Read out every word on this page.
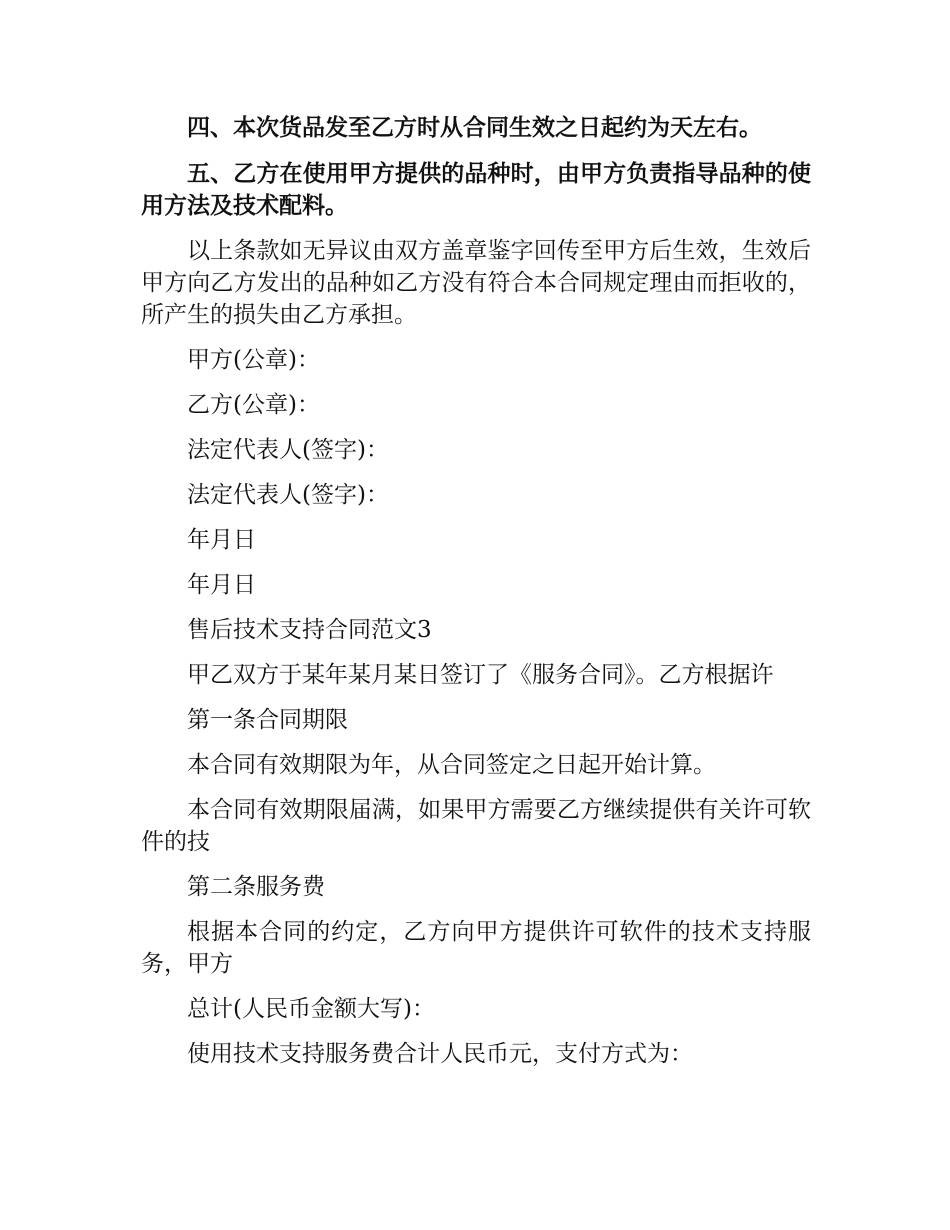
四、本次货品发至乙方时从合同生效之日起约为天左右。

五、乙方在使用甲方提供的品种时，由甲方负责指导品种的使用方法及技术配料。

以上条款如无异议由双方盖章鉴字回传至甲方后生效，生效后甲方向乙方发出的品种如乙方没有符合本合同规定理由而拒收的，所产生的损失由乙方承担。

甲方(公章)：

乙方(公章)：

法定代表人(签字)：

法定代表人(签字)：

年月日

年月日

售后技术支持合同范文3

甲乙双方于某年某月某日签订了《服务合同》。乙方根据许

第一条合同期限

本合同有效期限为年，从合同签定之日起开始计算。

本合同有效期限届满，如果甲方需要乙方继续提供有关许可软件的技

第二条服务费

根据本合同的约定，乙方向甲方提供许可软件的技术支持服务，甲方

总计(人民币金额大写)：

使用技术支持服务费合计人民币元，支付方式为：
